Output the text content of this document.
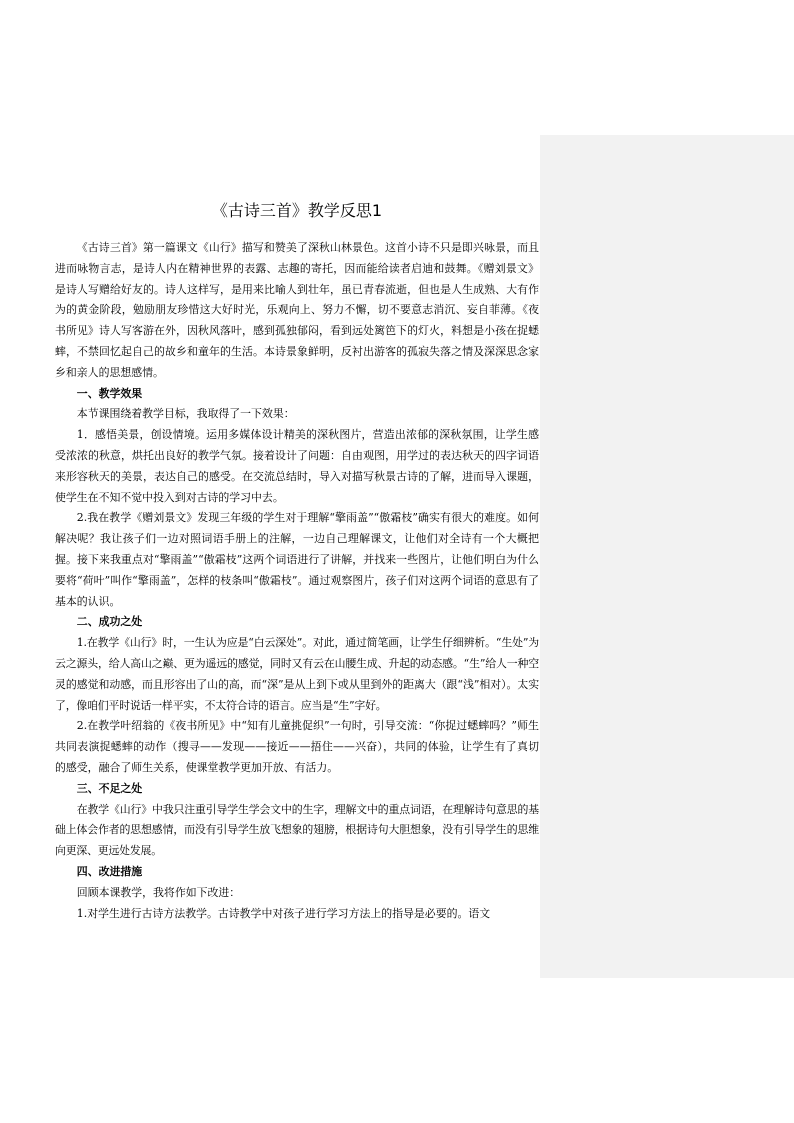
《古诗三首》教学反思1

《古诗三首》第一篇课文《山行》描写和赞美了深秋山林景色。这首小诗不只是即兴咏景，而且进而咏物言志，是诗人内在精神世界的表露、志趣的寄托，因而能给读者启迪和鼓舞。《赠刘景文》是诗人写赠给好友的。诗人这样写，是用来比喻人到壮年，虽已青春流逝，但也是人生成熟、大有作为的黄金阶段，勉励朋友珍惜这大好时光，乐观向上、努力不懈，切不要意志消沉、妄自菲薄。《夜书所见》诗人写客游在外，因秋风落叶，感到孤独郁闷，看到远处篱笆下的灯火，料想是小孩在捉蟋蟀，不禁回忆起自己的故乡和童年的生活。本诗景象鲜明，反衬出游客的孤寂失落之情及深深思念家乡和亲人的思想感情。

一、教学效果

本节课围绕着教学目标，我取得了一下效果：

1．感悟美景，创设情境。运用多媒体设计精美的深秋图片，营造出浓郁的深秋氛围，让学生感受浓浓的秋意，烘托出良好的教学气氛。接着设计了问题：自由观图，用学过的表达秋天的四字词语来形容秋天的美景，表达自己的感受。在交流总结时，导入对描写秋景古诗的了解，进而导入课题，使学生在不知不觉中投入到对古诗的学习中去。

2.我在教学《赠刘景文》发现三年级的学生对于理解“擎雨盖”“傲霜枝”确实有很大的难度。如何解决呢？我让孩子们一边对照词语手册上的注解，一边自己理解课文，让他们对全诗有一个大概把握。接下来我重点对“擎雨盖”“傲霜枝”这两个词语进行了讲解，并找来一些图片，让他们明白为什么要将“荷叶”叫作“擎雨盖”，怎样的枝条叫“傲霜枝”。通过观察图片，孩子们对这两个词语的意思有了基本的认识。

二、成功之处

1.在教学《山行》时，一生认为应是“白云深处”。对此，通过简笔画，让学生仔细辨析。“生处”为云之源头，给人高山之巅、更为遥远的感觉，同时又有云在山腰生成、升起的动态感。“生”给人一种空灵的感觉和动感，而且形容出了山的高，而“深”是从上到下或从里到外的距离大（跟“浅”相对）。太实了，像咱们平时说话一样平实，不太符合诗的语言。应当是“生”字好。

2.在教学叶绍翁的《夜书所见》中“知有儿童挑促织”一句时，引导交流：“你捉过蟋蟀吗？”师生共同表演捉蟋蟀的动作（搜寻——发现——接近——捂住——兴奋），共同的体验，让学生有了真切的感受，融合了师生关系，使课堂教学更加开放、有活力。

三、不足之处

在教学《山行》中我只注重引导学生学会文中的生字，理解文中的重点词语，在理解诗句意思的基础上体会作者的思想感情，而没有引导学生放飞想象的翅膀，根据诗句大胆想象，没有引导学生的思维向更深、更远处发展。

四、改进措施

回顾本课教学，我将作如下改进：

1.对学生进行古诗方法教学。古诗教学中对孩子进行学习方法上的指导是必要的。语文
